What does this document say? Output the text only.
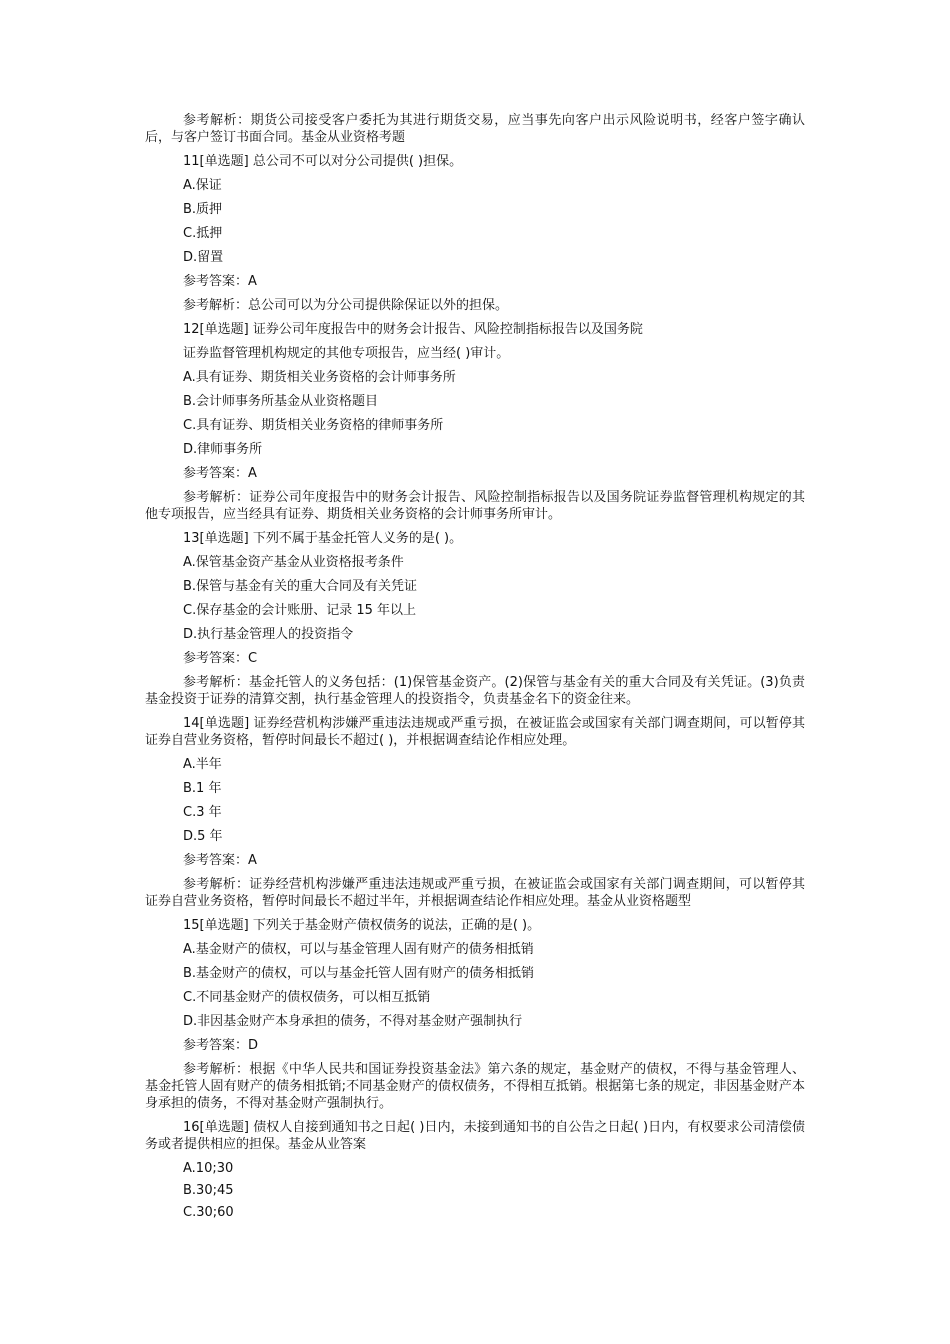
参考解析：期货公司接受客户委托为其进行期货交易，应当事先向客户出示风险说明书，经客户签字确认后，与客户签订书面合同。基金从业资格考题

11[单选题] 总公司不可以对分公司提供( )担保。
A.保证
B.质押
C.抵押
D.留置
参考答案：A
参考解析：总公司可以为分公司提供除保证以外的担保。
12[单选题] 证券公司年度报告中的财务会计报告、风险控制指标报告以及国务院
证券监督管理机构规定的其他专项报告，应当经( )审计。
A.具有证券、期货相关业务资格的会计师事务所
B.会计师事务所基金从业资格题目
C.具有证券、期货相关业务资格的律师事务所
D.律师事务所
参考答案：A

参考解析：证券公司年度报告中的财务会计报告、风险控制指标报告以及国务院证券监督管理机构规定的其他专项报告，应当经具有证券、期货相关业务资格的会计师事务所审计。

13[单选题] 下列不属于基金托管人义务的是( )。
A.保管基金资产基金从业资格报考条件
B.保管与基金有关的重大合同及有关凭证
C.保存基金的会计账册、记录 15 年以上
D.执行基金管理人的投资指令
参考答案：C

参考解析：基金托管人的义务包括：(1)保管基金资产。(2)保管与基金有关的重大合同及有关凭证。(3)负责基金投资于证券的清算交割，执行基金管理人的投资指令，负责基金名下的资金往来。

14[单选题] 证券经营机构涉嫌严重违法违规或严重亏损，在被证监会或国家有关部门调查期间，可以暂停其证券自营业务资格，暂停时间最长不超过( )，并根据调查结论作相应处理。

A.半年
B.1 年
C.3 年
D.5 年
参考答案：A

参考解析：证券经营机构涉嫌严重违法违规或严重亏损，在被证监会或国家有关部门调查期间，可以暂停其证券自营业务资格，暂停时间最长不超过半年，并根据调查结论作相应处理。基金从业资格题型

15[单选题] 下列关于基金财产债权债务的说法，正确的是( )。
A.基金财产的债权，可以与基金管理人固有财产的债务相抵销
B.基金财产的债权，可以与基金托管人固有财产的债务相抵销
C.不同基金财产的债权债务，可以相互抵销
D.非因基金财产本身承担的债务，不得对基金财产强制执行
参考答案：D

参考解析：根据《中华人民共和国证券投资基金法》第六条的规定，基金财产的债权，不得与基金管理人、基金托管人固有财产的债务相抵销;不同基金财产的债权债务，不得相互抵销。根据第七条的规定，非因基金财产本身承担的债务，不得对基金财产强制执行。

16[单选题] 债权人自接到通知书之日起( )日内，未接到通知书的自公告之日起( )日内，有权要求公司清偿债务或者提供相应的担保。基金从业答案

A.10;30
B.30;45
C.30;60
